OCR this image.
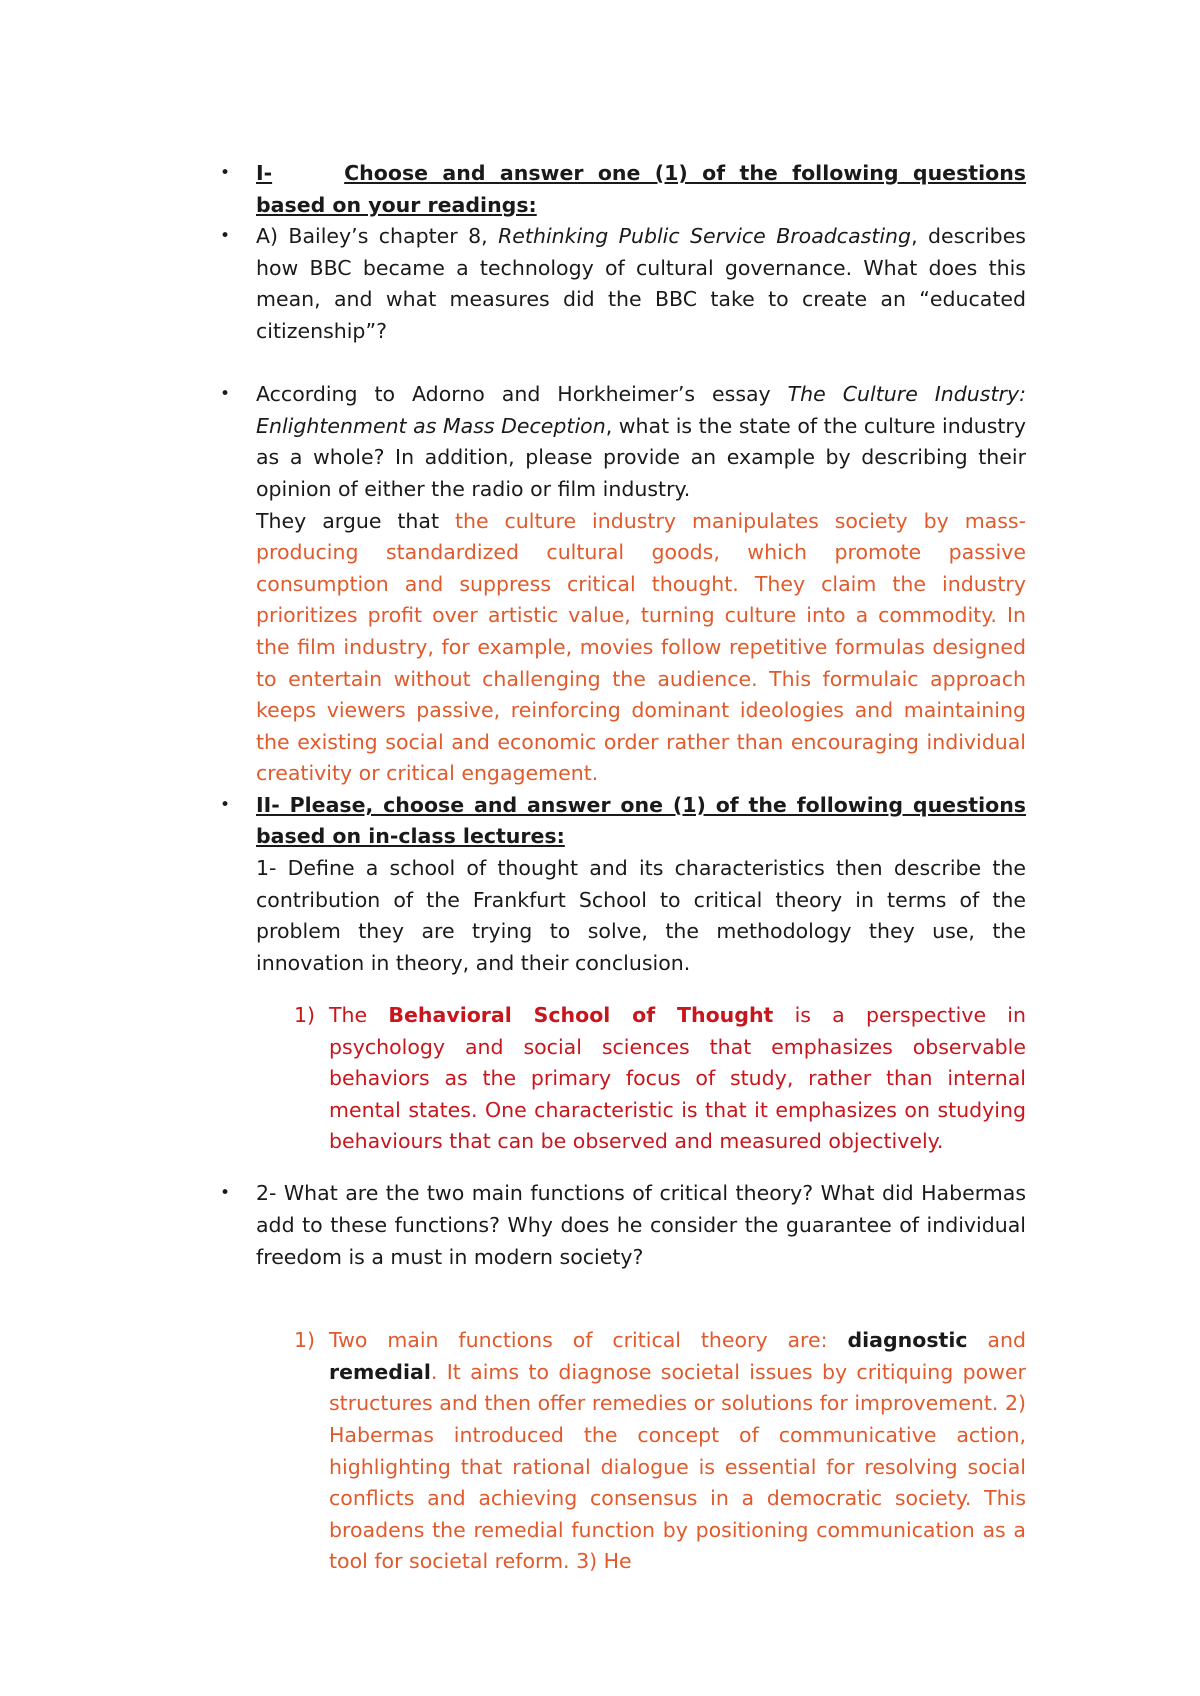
• I-	Choose and answer one (1) of the following questions based on your readings:

• A) Bailey’s chapter 8, Rethinking Public Service Broadcasting, describes how BBC became a technology of cultural governance. What does this mean, and what measures did the BBC take to create an “educated citizenship”?

• According to Adorno and Horkheimer’s essay The Culture Industry: Enlightenment as Mass Deception, what is the state of the culture industry as a whole? In addition, please provide an example by describing their opinion of either the radio or film industry.

They argue that the culture industry manipulates society by mass-producing standardized cultural goods, which promote passive consumption and suppress critical thought. They claim the industry prioritizes profit over artistic value, turning culture into a commodity. In the film industry, for example, movies follow repetitive formulas designed to entertain without challenging the audience. This formulaic approach keeps viewers passive, reinforcing dominant ideologies and maintaining the existing social and economic order rather than encouraging individual creativity or critical engagement.

• II- Please, choose and answer one (1) of the following questions based on in-class lectures:

1- Define a school of thought and its characteristics then describe the contribution of the Frankfurt School to critical theory in terms of the problem they are trying to solve, the methodology they use, the innovation in theory, and their conclusion.

1) The Behavioral School of Thought is a perspective in psychology and social sciences that emphasizes observable behaviors as the primary focus of study, rather than internal mental states. One characteristic is that it emphasizes on studying behaviours that can be observed and measured objectively.

• 2- What are the two main functions of critical theory? What did Habermas add to these functions? Why does he consider the guarantee of individual freedom is a must in modern society?

1) Two main functions of critical theory are: diagnostic and remedial. It aims to diagnose societal issues by critiquing power structures and then offer remedies or solutions for improvement. 2) Habermas introduced the concept of communicative action, highlighting that rational dialogue is essential for resolving social conflicts and achieving consensus in a democratic society. This broadens the remedial function by positioning communication as a tool for societal reform. 3) He
